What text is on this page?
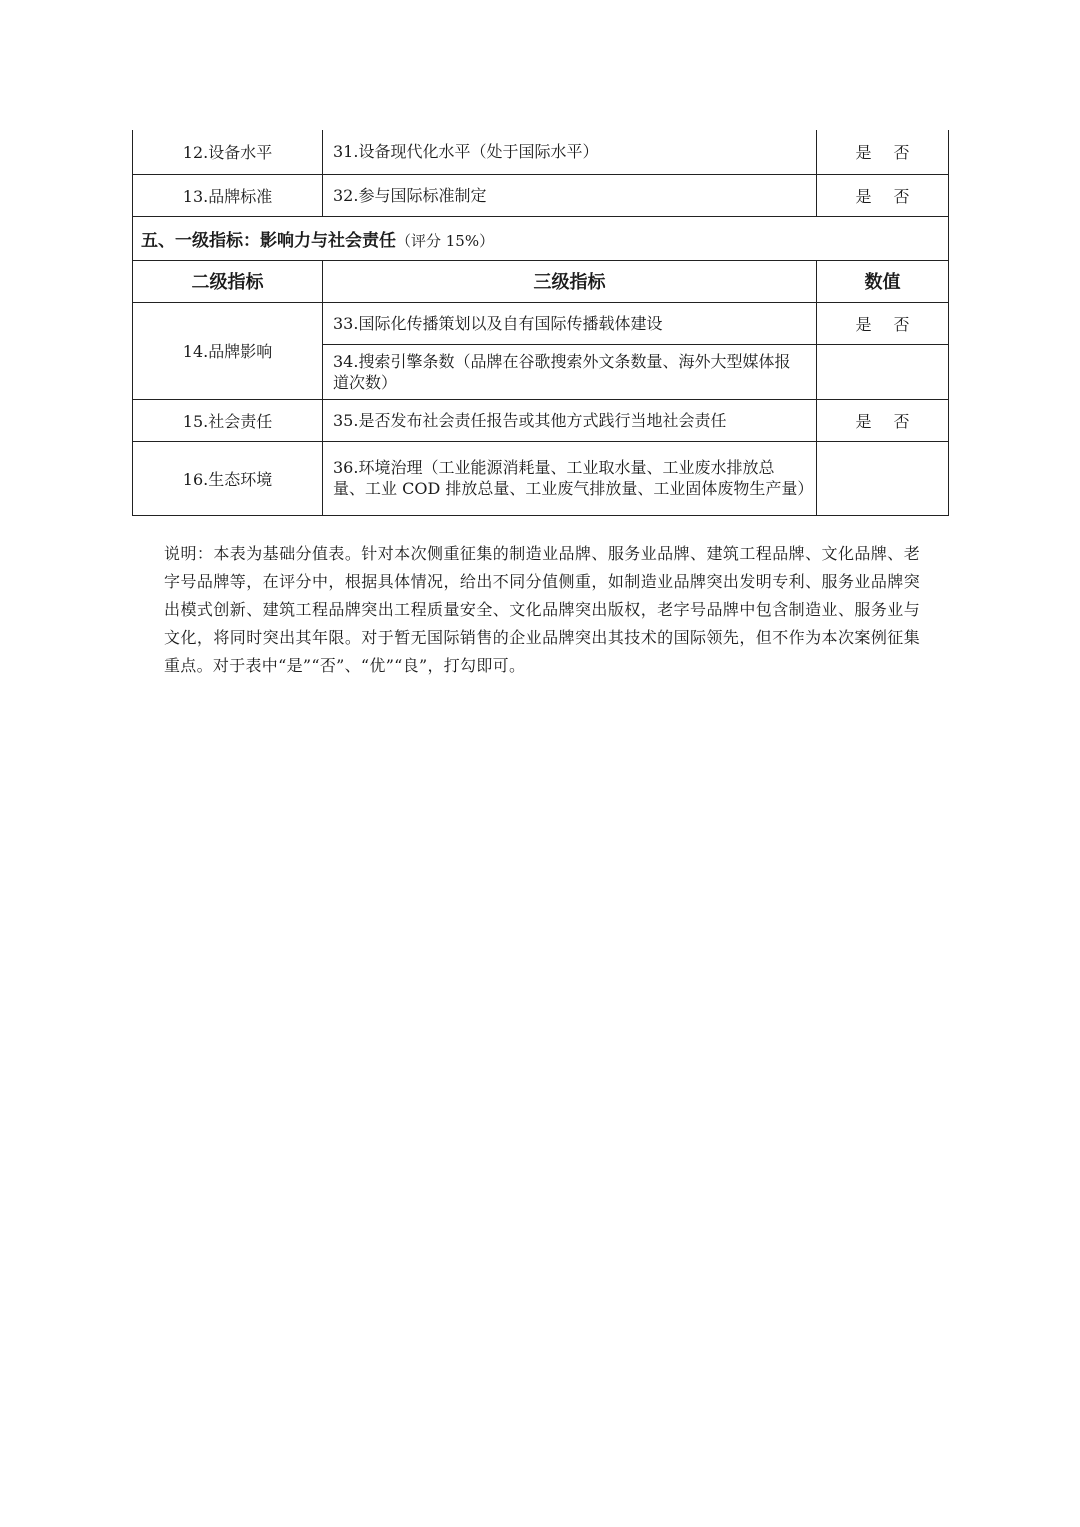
12.设备水平	31.设备现代化水平（处于国际水平）	是 否
13.品牌标准	32.参与国际标准制定	是 否
五、一级指标：影响力与社会责任（评分 15%）		
二级指标	三级指标	数值
14.品牌影响	33.国际化传播策划以及自有国际传播载体建设	是 否
	34.搜索引擎条数（品牌在谷歌搜索外文条数量、海外大型媒体报道次数）	
15.社会责任	35.是否发布社会责任报告或其他方式践行当地社会责任	是 否
16.生态环境	36.环境治理（工业能源消耗量、工业取水量、工业废水排放总量、工业 COD 排放总量、工业废气排放量、工业固体废物生产量）	

说明：本表为基础分值表。针对本次侧重征集的制造业品牌、服务业品牌、建筑工程品牌、文化品牌、老字号品牌等，在评分中，根据具体情况，给出不同分值侧重，如制造业品牌突出发明专利、服务业品牌突出模式创新、建筑工程品牌突出工程质量安全、文化品牌突出版权，老字号品牌中包含制造业、服务业与文化，将同时突出其年限。对于暂无国际销售的企业品牌突出其技术的国际领先，但不作为本次案例征集重点。对于表中“是”“否”、“优”“良”，打勾即可。
